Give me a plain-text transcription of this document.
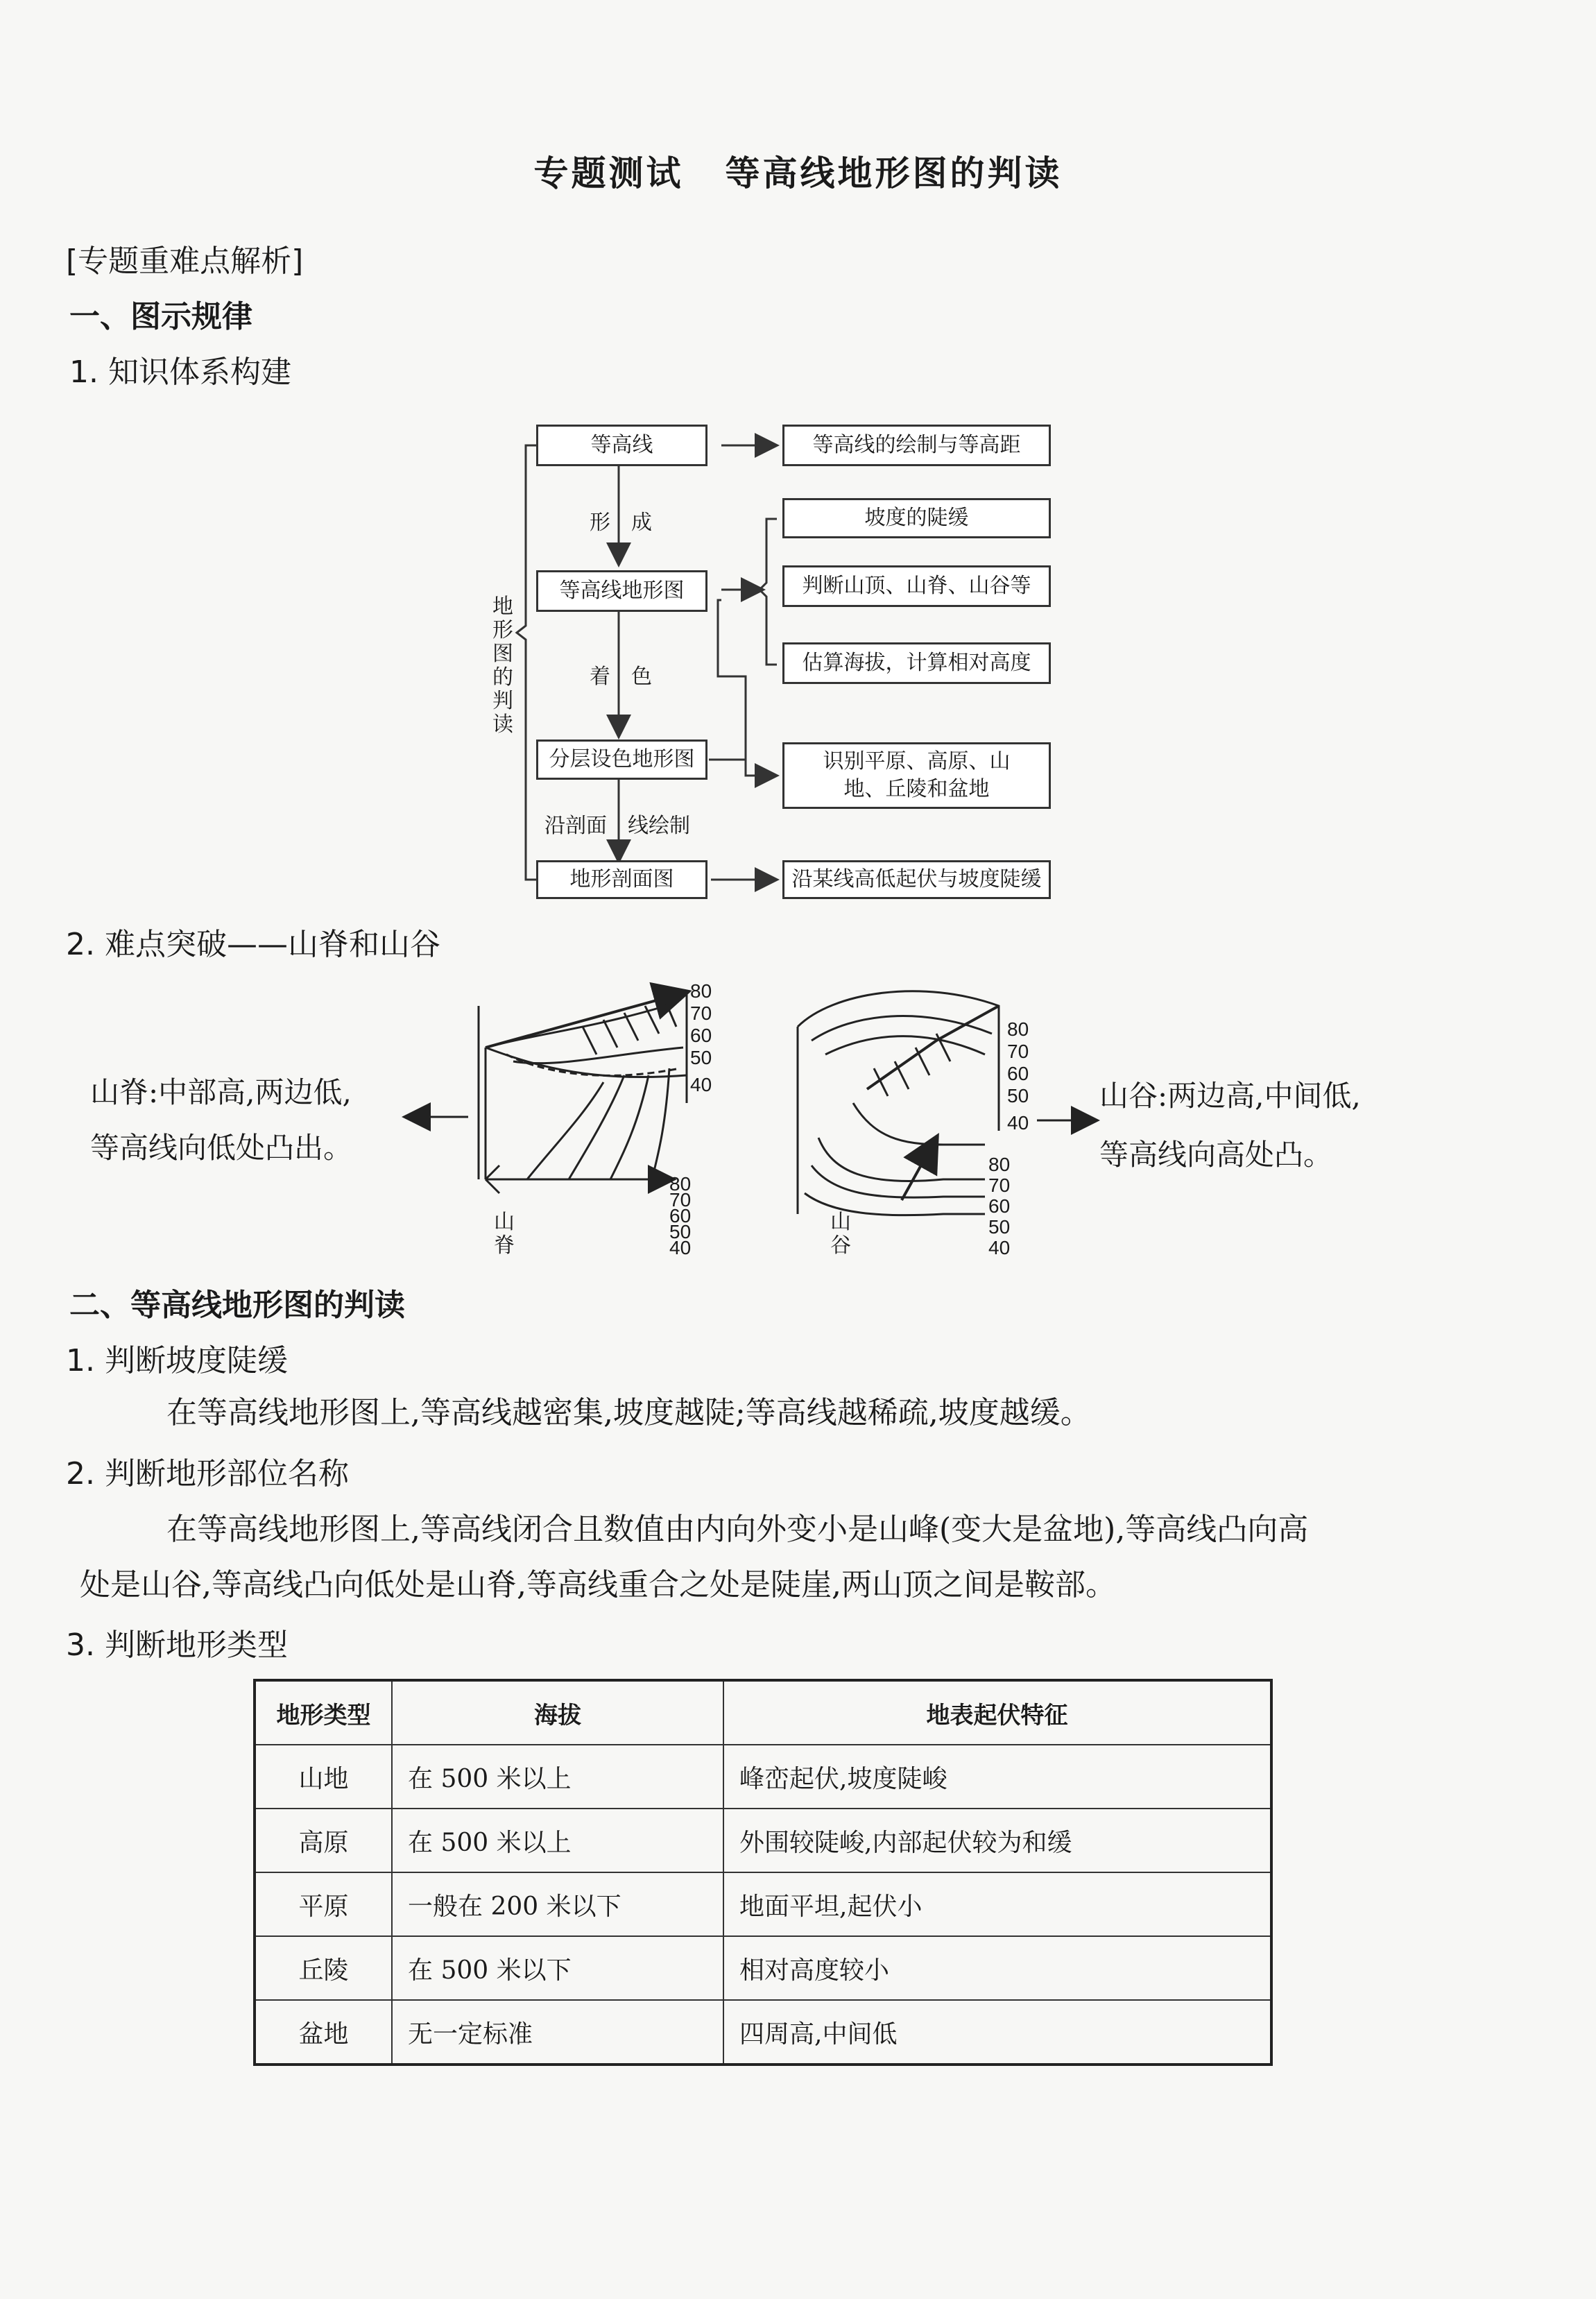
专题测试 等高线地形图的判读
[专题重难点解析]
一、图示规律
1. 知识体系构建
等高线	等高线的绘制与等高距
形　成	坡度的陡缓
等高线地形图	判断山顶、山脊、山谷等
估算海拔，计算相对高度
着　色
分层设色地形图	识别平原、高原、山地、丘陵和盆地
沿剖面 线绘制
地形剖面图	沿某线高低起伏与坡度陡缓
地
形
图
的
判
读
2. 难点突破——山脊和山谷
山脊:中部高,两边低,
等高线向低处凸出。
山谷:两边高,中间低,
等高线向高处凸。
80
70
60
50
40
80
70
60
50
40
80
70
60
50
40
80
70
60
50
40
山
脊
山
谷
二、等高线地形图的判读
1. 判断坡度陡缓
在等高线地形图上,等高线越密集,坡度越陡;等高线越稀疏,坡度越缓。
2. 判断地形部位名称
在等高线地形图上,等高线闭合且数值由内向外变小是山峰(变大是盆地),等高线凸向高
处是山谷,等高线凸向低处是山脊,等高线重合之处是陡崖,两山顶之间是鞍部。
3. 判断地形类型
地形类型	海拔	地表起伏特征
山地	在 500 米以上	峰峦起伏,坡度陡峻
高原	在 500 米以上	外围较陡峻,内部起伏较为和缓
平原	一般在 200 米以下	地面平坦,起伏小
丘陵	在 500 米以下	相对高度较小
盆地	无一定标准	四周高,中间低
